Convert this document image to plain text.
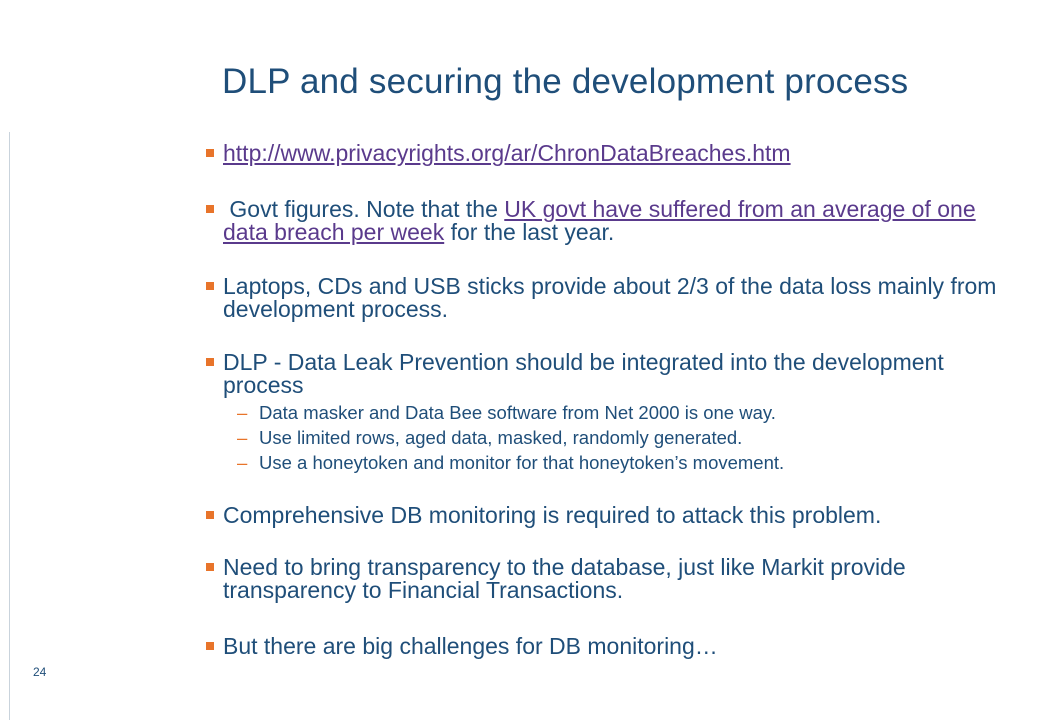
DLP and securing the development process
http://www.privacyrights.org/ar/ChronDataBreaches.htm
Govt figures. Note that the UK govt have suffered from an average of one data breach per week for the last year.
Laptops, CDs and USB sticks provide about 2/3 of the data loss mainly from development process.
DLP - Data Leak Prevention should be integrated into the development process
– Data masker and Data Bee software from Net 2000 is one way.
– Use limited rows, aged data, masked, randomly generated.
– Use a honeytoken and monitor for that honeytoken’s movement.
Comprehensive DB monitoring is required to attack this problem.
Need to bring transparency to the database, just like Markit provide transparency to Financial Transactions.
But there are big challenges for DB monitoring…
24
